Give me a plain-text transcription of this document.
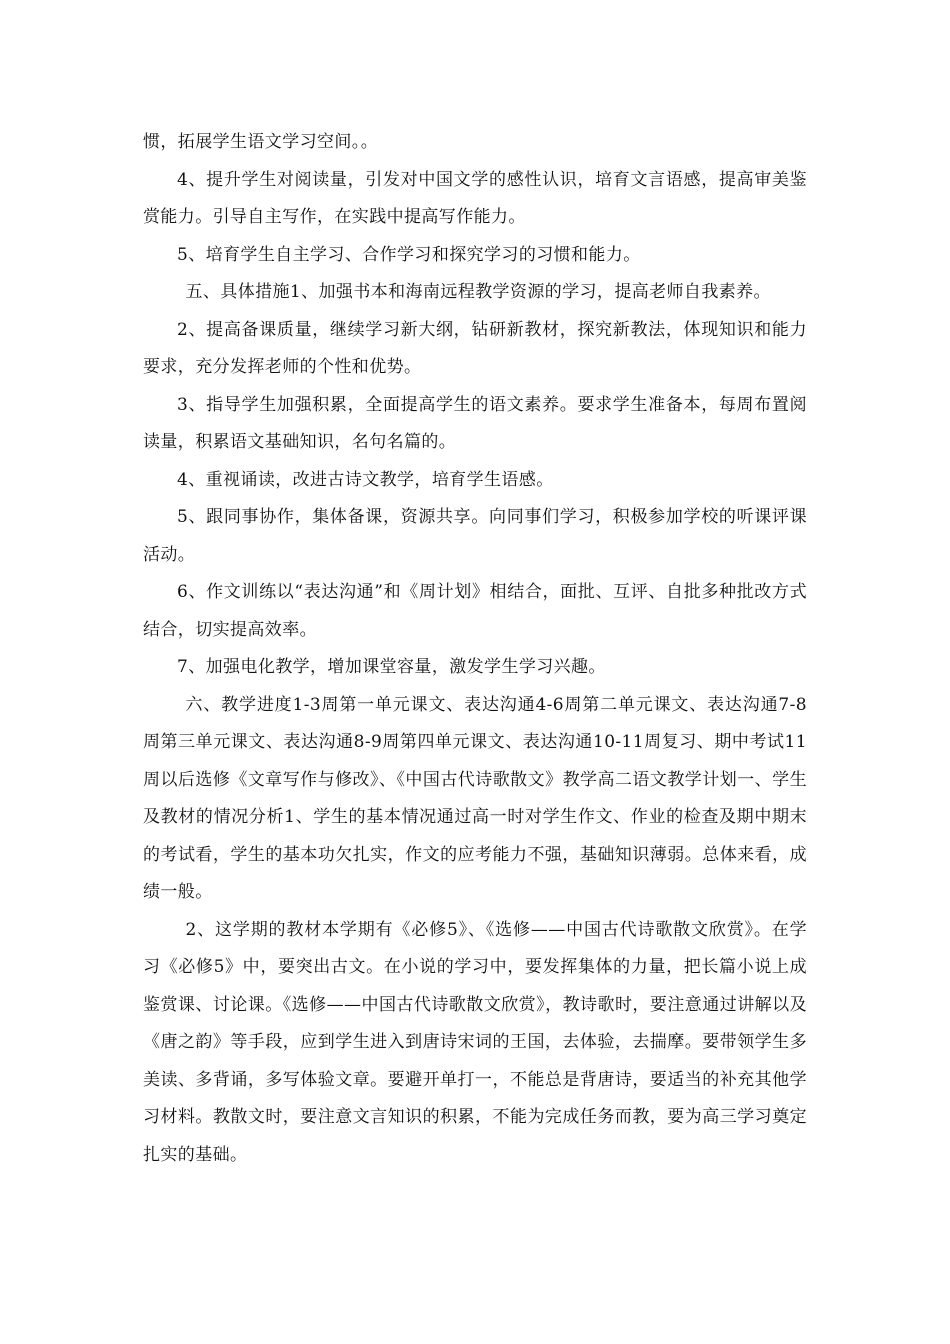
惯，拓展学生语文学习空间。。

4、提升学生对阅读量，引发对中国文学的感性认识，培育文言语感，提高审美鉴赏能力。引导自主写作，在实践中提高写作能力。

5、培育学生自主学习、合作学习和探究学习的习惯和能力。

五、具体措施1、加强书本和海南远程教学资源的学习，提高老师自我素养。

2、提高备课质量，继续学习新大纲，钻研新教材，探究新教法，体现知识和能力要求，充分发挥老师的个性和优势。

3、指导学生加强积累，全面提高学生的语文素养。要求学生准备本，每周布置阅读量，积累语文基础知识，名句名篇的。

4、重视诵读，改进古诗文教学，培育学生语感。

5、跟同事协作，集体备课，资源共享。向同事们学习，积极参加学校的听课评课活动。

6、作文训练以“表达沟通”和《周计划》相结合，面批、互评、自批多种批改方式结合，切实提高效率。

7、加强电化教学，增加课堂容量，激发学生学习兴趣。

六、教学进度1-3周第一单元课文、表达沟通4-6周第二单元课文、表达沟通7-8周第三单元课文、表达沟通8-9周第四单元课文、表达沟通10-11周复习、期中考试11周以后选修《文章写作与修改》、《中国古代诗歌散文》教学高二语文教学计划一、学生及教材的情况分析1、学生的基本情况通过高一时对学生作文、作业的检查及期中期末的考试看，学生的基本功欠扎实，作文的应考能力不强，基础知识薄弱。总体来看，成绩一般。

2、这学期的教材本学期有《必修5》、《选修——中国古代诗歌散文欣赏》。在学习《必修5》中，要突出古文。在小说的学习中，要发挥集体的力量，把长篇小说上成鉴赏课、讨论课。《选修——中国古代诗歌散文欣赏》，教诗歌时，要注意通过讲解以及《唐之韵》等手段，应到学生进入到唐诗宋词的王国，去体验，去揣摩。要带领学生多美读、多背诵，多写体验文章。要避开单打一，不能总是背唐诗，要适当的补充其他学习材料。教散文时，要注意文言知识的积累，不能为完成任务而教，要为高三学习奠定扎实的基础。
